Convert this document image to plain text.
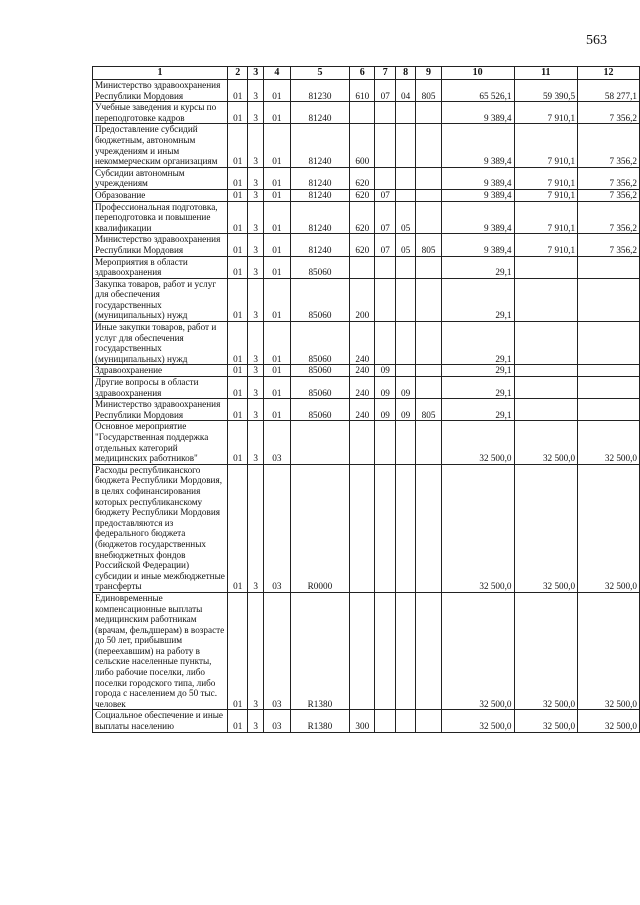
563
1	2	3	4	5	6	7	8	9	10	11	12
Министерство здравоохранения Республики Мордовия	01	3	01	81230	610	07	04	805	65 526,1	59 390,5	58 277,1
Учебные заведения и курсы по переподготовке кадров	01	3	01	81240					9 389,4	7 910,1	7 356,2
Предоставление субсидий бюджетным, автономным учреждениям и иным некоммерческим организациям	01	3	01	81240	600				9 389,4	7 910,1	7 356,2
Субсидии автономным учреждениям	01	3	01	81240	620				9 389,4	7 910,1	7 356,2
Образование	01	3	01	81240	620	07			9 389,4	7 910,1	7 356,2
Профессиональная подготовка, переподготовка и повышение квалификации	01	3	01	81240	620	07	05		9 389,4	7 910,1	7 356,2
Министерство здравоохранения Республики Мордовия	01	3	01	81240	620	07	05	805	9 389,4	7 910,1	7 356,2
Мероприятия в области здравоохранения	01	3	01	85060					29,1		
Закупка товаров, работ и услуг для обеспечения государственных (муниципальных) нужд	01	3	01	85060	200				29,1		
Иные закупки товаров, работ и услуг для обеспечения государственных (муниципальных) нужд	01	3	01	85060	240				29,1		
Здравоохранение	01	3	01	85060	240	09			29,1		
Другие вопросы в области здравоохранения	01	3	01	85060	240	09	09		29,1		
Министерство здравоохранения Республики Мордовия	01	3	01	85060	240	09	09	805	29,1		
Основное мероприятие "Государственная поддержка отдельных категорий медицинских работников"	01	3	03						32 500,0	32 500,0	32 500,0
Расходы республиканского бюджета Республики Мордовия, в целях софинансирования которых республиканскому бюджету Республики Мордовия предоставляются из федерального бюджета (бюджетов государственных внебюджетных фондов Российской Федерации) субсидии и иные межбюджетные трансферты	01	3	03	R0000					32 500,0	32 500,0	32 500,0
Единовременные компенсационные выплаты медицинским работникам (врачам, фельдшерам) в возрасте до 50 лет, прибывшим (переехавшим) на работу в сельские населенные пункты, либо рабочие поселки, либо поселки городского типа, либо города с населением до 50 тыс. человек	01	3	03	R1380					32 500,0	32 500,0	32 500,0
Социальное обеспечение и иные выплаты населению	01	3	03	R1380	300				32 500,0	32 500,0	32 500,0
